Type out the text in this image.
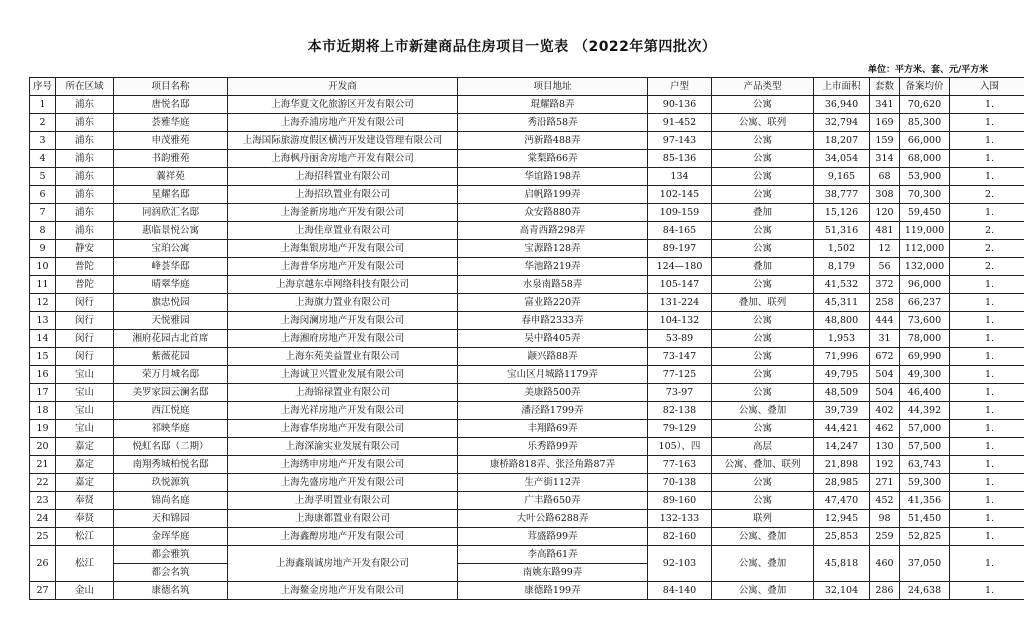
本市近期将上市新建商品住房项目一览表 （2022年第四批次）
单位：平方米、套、元/平方米
序号	所在区域	项目名称	开发商	项目地址	户型	产品类型	上市面积	套数	备案均价	入围
1	浦东	唐悦名邸	上海华夏文化旅游区开发有限公司	琨耀路8弄	90-136	公寓	36,940	341	70,620	1.
2	浦东	荟雅华庭	上海乔浦房地产开发有限公司	秀沿路58弄	91-452	公寓、联列	32,794	169	85,300	1.
3	浦东	申茂雅苑	上海国际旅游度假区横沔开发建设管理有限公司	沔新路488弄	97-143	公寓	18,207	159	66,000	1.
4	浦东	书韵雅苑	上海枫丹丽舍房地产开发有限公司	棠梨路66弄	85-136	公寓	34,054	314	68,000	1.
5	浦东	蘘祥苑	上海招科置业有限公司	华谊路198弄	134	公寓	9,165	68	53,900	1.
6	浦东	星耀名邸	上海招玖置业有限公司	启帆路199弄	102-145	公寓	38,777	308	70,300	2.
7	浦东	同润欣汇名邸	上海釜新房地产开发有限公司	众安路880弄	109-159	叠加	15,126	120	59,450	1.
8	浦东	惠临景悦公寓	上海佳章置业有限公司	高青西路298弄	84-165	公寓	51,316	481	119,000	2.
9	静安	宝珀公寓	上海集银房地产开发有限公司	宝源路128弄	89-197	公寓	1,502	12	112,000	2.
10	普陀	峰荟华邸	上海普华房地产开发有限公司	华池路219弄	124—180	叠加	8,179	56	132,000	2.
11	普陀	晴翠华庭	上海京越东卓网络科技有限公司	水泉南路58弄	105-147	公寓	41,532	372	96,000	1.
12	闵行	旗忠悦园	上海旗力置业有限公司	富业路220弄	131-224	叠加、联列	45,311	258	66,237	1.
13	闵行	天悦雅园	上海闵澜房地产开发有限公司	春申路2333弄	104-132	公寓	48,800	444	73,600	1.
14	闵行	湘府花园古北首席	上海湘府房地产开发有限公司	吴中路405弄	53-89	公寓	1,953	31	78,000	1.
15	闵行	紫薇花园	上海东苑美益置业有限公司	颛兴路88弄	73-147	公寓	71,996	672	69,990	1.
16	宝山	荣万月城名邸	上海诚卫兴置业发展有限公司	宝山区月城路1179弄	77-125	公寓	49,795	504	49,300	1.
17	宝山	美罗家园云澜名邸	上海锦禄置业有限公司	美康路500弄	73-97	公寓	48,509	504	46,400	1.
18	宝山	西江悦庭	上海光祥房地产开发有限公司	潘泾路1799弄	82-138	公寓、叠加	39,739	402	44,392	1.
19	宝山	祁映华庭	上海睿华房地产开发有限公司	丰翔路69弄	79-129	公寓	44,421	462	57,000	1.
20	嘉定	悦虹名邸（二期）	上海深渝实业发展有限公司	乐秀路99弄	105）、四	高层	14,247	130	57,500	1.
21	嘉定	南翔秀城柏悦名邸	上海绣申房地产开发有限公司	康桥路818弄、张泾角路87弄	77-163	公寓、叠加、联列	21,898	192	63,743	1.
22	嘉定	玖悦源筑	上海先盛房地产开发有限公司	生产街112弄	70-138	公寓	28,985	271	59,300	1.
23	奉贤	锦尚名庭	上海孚明置业有限公司	广丰路650弄	89-160	公寓	47,470	452	41,356	1.
24	奉贤	天和锦园	上海康都置业有限公司	大叶公路6288弄	132-133	联列	12,945	98	51,450	1.
25	松江	金珲华庭	上海鑫醇房地产开发有限公司	茸盛路99弄	82-160	公寓、叠加	25,853	259	52,825	1.
26	松江	都会雅筑	上海鑫瑞诚房地产开发有限公司	李高路61弄	92-103	公寓、叠加	45,818	460	37,050	1.
		都会名筑		南姚东路99弄						
27	金山	康德名筑	上海鳌金房地产开发有限公司	康德路199弄	84-140	公寓、叠加	32,104	286	24,638	1.
